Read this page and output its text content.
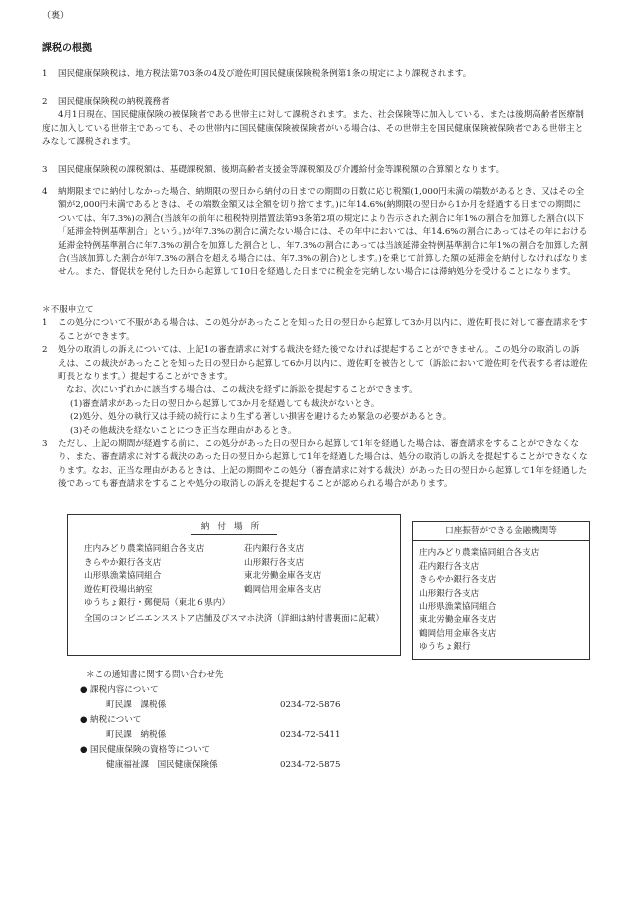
（裏）
課税の根拠
1 国民健康保険税は、地方税法第703条の4及び遊佐町国民健康保険税条例第1条の規定により課税されます。

2 国民健康保険税の納税義務者

4月1日現在、国民健康保険の被保険者である世帯主に対して課税されます。また、社会保険等に加入している、または後期高齢者医療制度に加入している世帯主であっても、その世帯内に国民健康保険被保険者がいる場合は、その世帯主を国民健康保険被保険者である世帯主とみなして課税されます。

3 国民健康保険税の課税額は、基礎課税額、後期高齢者支援金等課税額及び介護給付金等課税額の合算額となります。

4 納期限までに納付しなかった場合、納期限の翌日から納付の日までの期間の日数に応じ税額(1,000円未満の端数があるとき、又はその全額が2,000円未満であるときは、その端数金額又は全額を切り捨てます。)に年14.6%(納期限の翌日から1か月を経過する日までの期間については、年7.3%)の割合(当該年の前年に租税特別措置法第93条第2項の規定により告示された割合に年1%の割合を加算した割合(以下「延滞金特例基準割合」という。)が年7.3%の割合に満たない場合には、その年中においては、年14.6%の割合にあってはその年における延滞金特例基準割合に年7.3%の割合を加算した割合とし、年7.3%の割合にあっては当該延滞金特例基準割合に年1%の割合を加算した割合(当該加算した割合が年7.3%の割合を超える場合には、年7.3%の割合)とします。)を乗じて計算した額の延滞金を納付しなければなりません。また、督促状を発付した日から起算して10日を経過した日までに税金を完納しない場合には滞納処分を受けることになります。

＊不服申立て

1 この処分について不服がある場合は、この処分があったことを知った日の翌日から起算して3か月以内に、遊佐町長に対して審査請求をすることができます。

2 処分の取消しの訴えについては、上記1の審査請求に対する裁決を経た後でなければ提起することができません。この処分の取消しの訴えは、この裁決があったことを知った日の翌日から起算して6か月以内に、遊佐町を被告として（訴訟において遊佐町を代表する者は遊佐町長となります。）提起することができます。

なお、次にいずれかに該当する場合は、この裁決を経ずに訴訟を提起することができます。

(1)審査請求があった日の翌日から起算して3か月を経過しても裁決がないとき。

(2)処分、処分の執行又は手続の続行により生ずる著しい損害を避けるため緊急の必要があるとき。

(3)その他裁決を経ないことにつき正当な理由があるとき。

3 ただし、上記の期間が経過する前に、この処分があった日の翌日から起算して1年を経過した場合は、審査請求をすることができなくなり、また、審査請求に対する裁決のあった日の翌日から起算して1年を経過した場合は、処分の取消しの訴えを提起することができなくなります。なお、正当な理由があるときは、上記の期間やこの処分（審査請求に対する裁決）があった日の翌日から起算して1年を経過した後であっても審査請求をすることや処分の取消しの訴えを提起することが認められる場合があります。

納付場所
庄内みどり農業協同組合各支店
きらやか銀行各支店
山形県漁業協同組合
遊佐町役場出納室
ゆうちょ銀行・郵便局（東北６県内）
荘内銀行各支店
山形銀行各支店
東北労働金庫各支店
鶴岡信用金庫各支店
全国のコンビニエンスストア店舗及びスマホ決済（詳細は納付書裏面に記載）
口座振替ができる金融機関等
庄内みどり農業協同組合各支店
荘内銀行各支店
きらやか銀行各支店
山形銀行各支店
山形県漁業協同組合
東北労働金庫各支店
鶴岡信用金庫各支店
ゆうちょ銀行
＊この通知書に関する問い合わせ先
● 課税内容について
町民課　課税係	0234-72-5876
● 納税について
町民課　納税係	0234-72-5411
● 国民健康保険の資格等について
健康福祉課　国民健康保険係	0234-72-5875
